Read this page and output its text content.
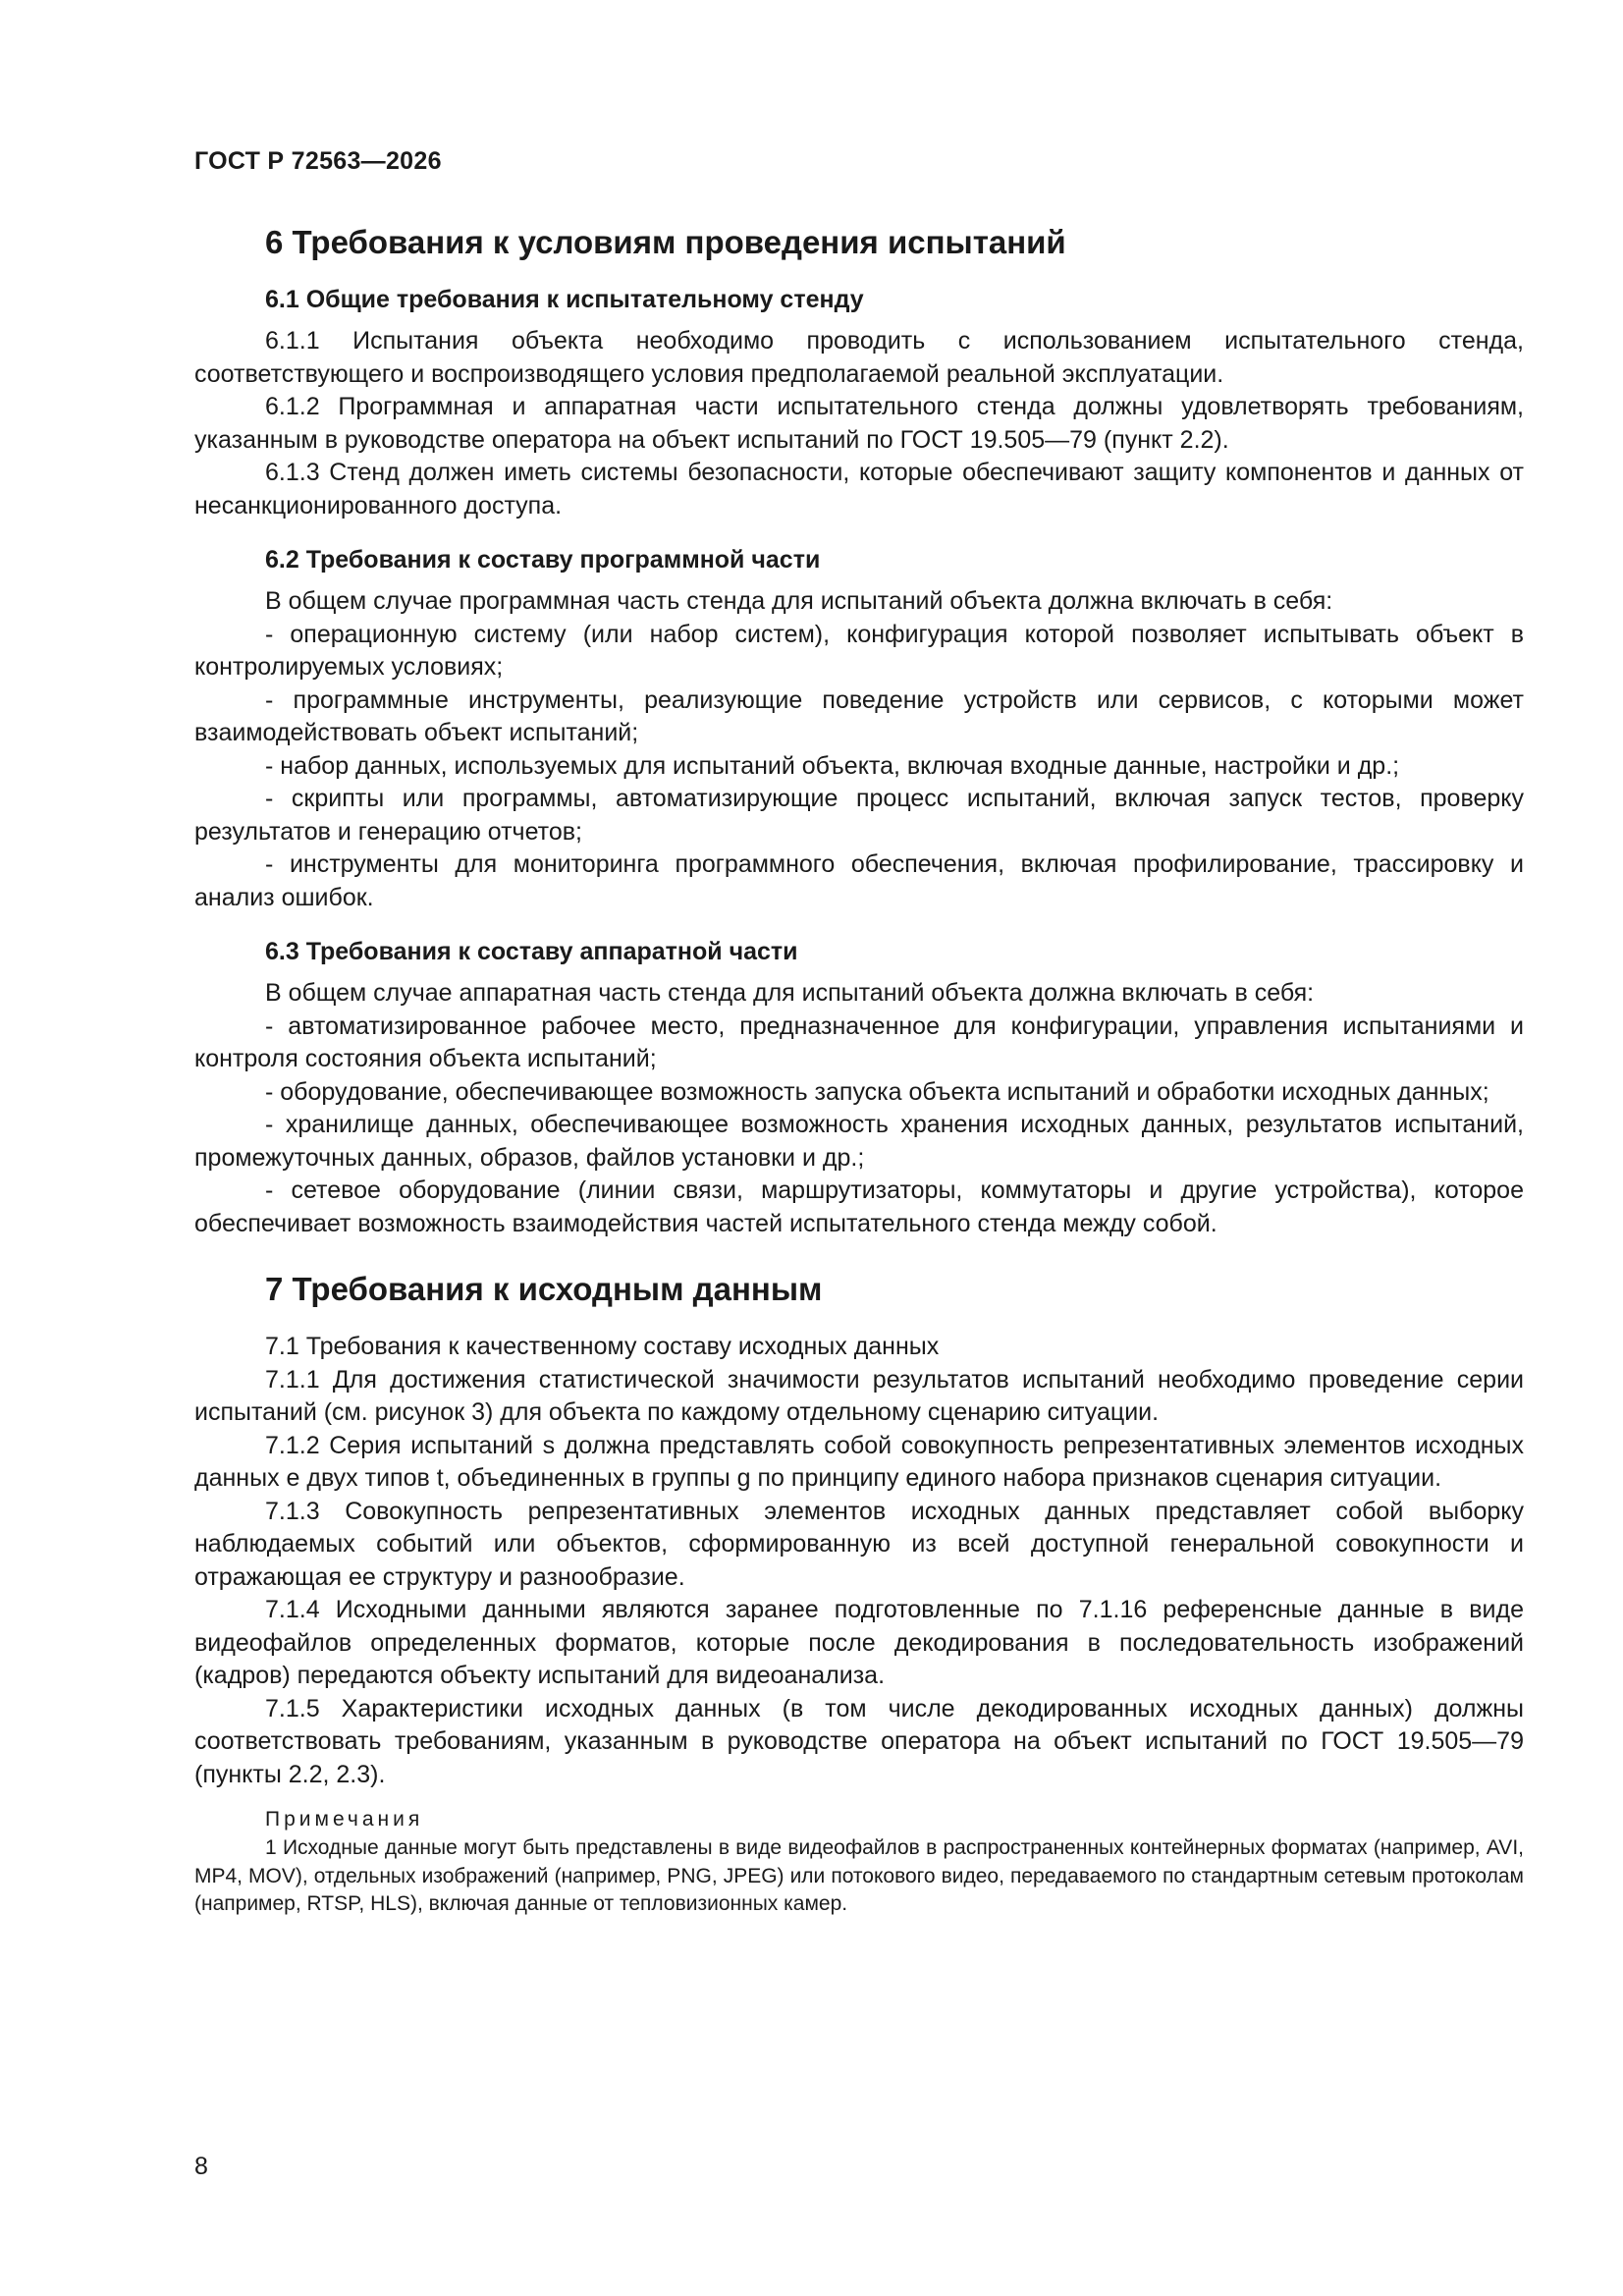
ГОСТ Р 72563—2026
6 Требования к условиям проведения испытаний
6.1 Общие требования к испытательному стенду

6.1.1 Испытания объекта необходимо проводить с использованием испытательного стенда, соответствующего и воспроизводящего условия предполагаемой реальной эксплуатации.

6.1.2 Программная и аппаратная части испытательного стенда должны удовлетворять требованиям, указанным в руководстве оператора на объект испытаний по ГОСТ 19.505—79 (пункт 2.2).

6.1.3 Стенд должен иметь системы безопасности, которые обеспечивают защиту компонентов и данных от несанкционированного доступа.

6.2 Требования к составу программной части

В общем случае программная часть стенда для испытаний объекта должна включать в себя:

- операционную систему (или набор систем), конфигурация которой позволяет испытывать объект в контролируемых условиях;

- программные инструменты, реализующие поведение устройств или сервисов, с которыми может взаимодействовать объект испытаний;

- набор данных, используемых для испытаний объекта, включая входные данные, настройки и др.;

- скрипты или программы, автоматизирующие процесс испытаний, включая запуск тестов, проверку результатов и генерацию отчетов;

- инструменты для мониторинга программного обеспечения, включая профилирование, трассировку и анализ ошибок.

6.3 Требования к составу аппаратной части

В общем случае аппаратная часть стенда для испытаний объекта должна включать в себя:

- автоматизированное рабочее место, предназначенное для конфигурации, управления испытаниями и контроля состояния объекта испытаний;

- оборудование, обеспечивающее возможность запуска объекта испытаний и обработки исходных данных;

- хранилище данных, обеспечивающее возможность хранения исходных данных, результатов испытаний, промежуточных данных, образов, файлов установки и др.;

- сетевое оборудование (линии связи, маршрутизаторы, коммутаторы и другие устройства), которое обеспечивает возможность взаимодействия частей испытательного стенда между собой.

7 Требования к исходным данным

7.1 Требования к качественному составу исходных данных

7.1.1 Для достижения статистической значимости результатов испытаний необходимо проведение серии испытаний (см. рисунок 3) для объекта по каждому отдельному сценарию ситуации.

7.1.2 Серия испытаний s должна представлять собой совокупность репрезентативных элементов исходных данных e двух типов t, объединенных в группы g по принципу единого набора признаков сценария ситуации.

7.1.3 Совокупность репрезентативных элементов исходных данных представляет собой выборку наблюдаемых событий или объектов, сформированную из всей доступной генеральной совокупности и отражающая ее структуру и разнообразие.

7.1.4 Исходными данными являются заранее подготовленные по 7.1.16 референсные данные в виде видеофайлов определенных форматов, которые после декодирования в последовательность изображений (кадров) передаются объекту испытаний для видеоанализа.

7.1.5 Характеристики исходных данных (в том числе декодированных исходных данных) должны соответствовать требованиям, указанным в руководстве оператора на объект испытаний по ГОСТ 19.505—79 (пункты 2.2, 2.3).

Примечания

1 Исходные данные могут быть представлены в виде видеофайлов в распространенных контейнерных форматах (например, AVI, MP4, MOV), отдельных изображений (например, PNG, JPEG) или потокового видео, передаваемого по стандартным сетевым протоколам (например, RTSP, HLS), включая данные от тепловизионных камер.

8
